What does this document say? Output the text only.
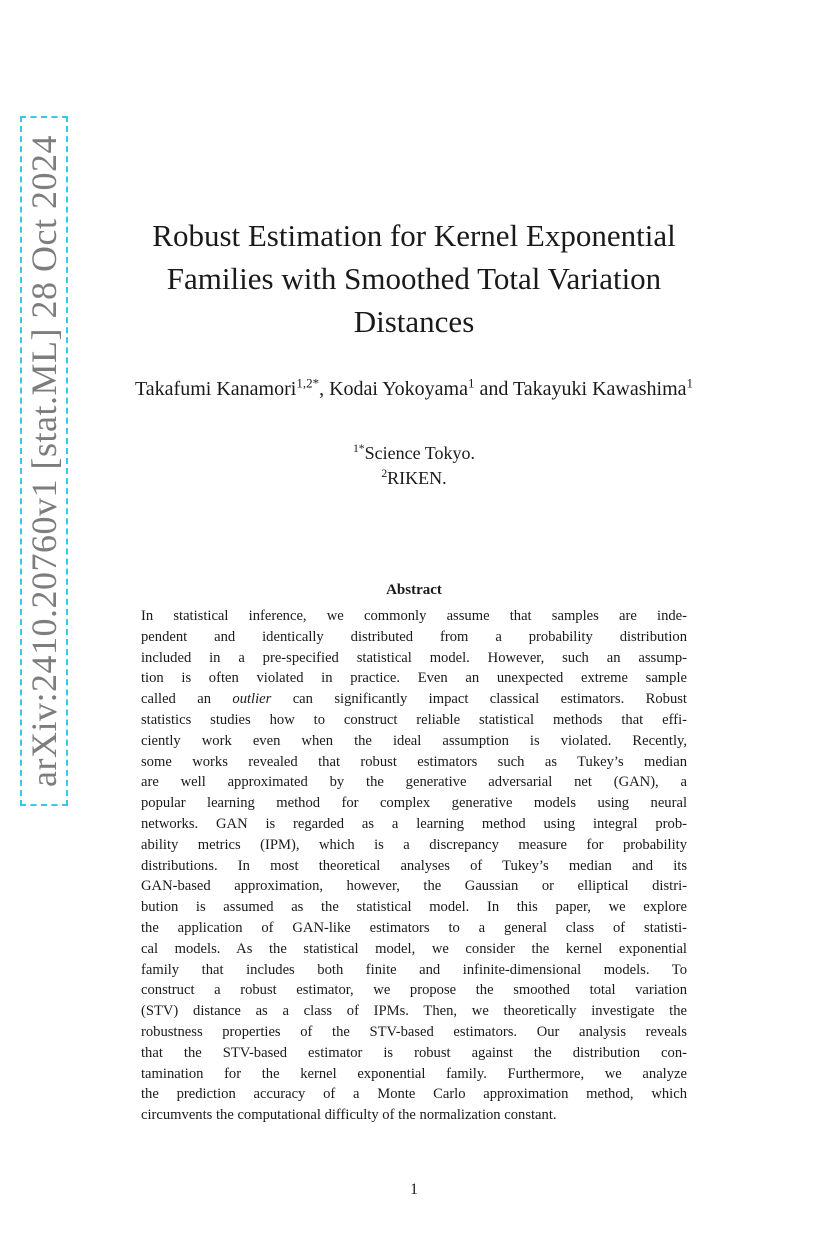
arXiv:2410.20760v1 [stat.ML] 28 Oct 2024	Robust Estimation for Kernel Exponential Families with Smoothed Total Variation Distances

Takafumi Kanamori$^{1,2*}$, Kodai Yokoyama$^1$ and Takayuki Kawashima$^1$

$^{1*}$Science Tokyo.
$^2$RIKEN.
Abstract
In statistical inference, we commonly assume that samples are inde-
pendent and identically distributed from a probability distribution
included in a pre-specified statistical model. However, such an assump-
tion is often violated in practice. Even an unexpected extreme sample
called an outlier can significantly impact classical estimators. Robust
statistics studies how to construct reliable statistical methods that effi-
ciently work even when the ideal assumption is violated. Recently,
some works revealed that robust estimators such as Tukey’s median
are well approximated by the generative adversarial net (GAN), a
popular learning method for complex generative models using neural
networks. GAN is regarded as a learning method using integral prob-
ability metrics (IPM), which is a discrepancy measure for probability
distributions. In most theoretical analyses of Tukey’s median and its
GAN-based approximation, however, the Gaussian or elliptical distri-
bution is assumed as the statistical model. In this paper, we explore
the application of GAN-like estimators to a general class of statisti-
cal models. As the statistical model, we consider the kernel exponential
family that includes both finite and infinite-dimensional models. To
construct a robust estimator, we propose the smoothed total variation
(STV) distance as a class of IPMs. Then, we theoretically investigate the
robustness properties of the STV-based estimators. Our analysis reveals
that the STV-based estimator is robust against the distribution con-
tamination for the kernel exponential family. Furthermore, we analyze
the prediction accuracy of a Monte Carlo approximation method, which
circumvents the computational difficulty of the normalization constant.
1
